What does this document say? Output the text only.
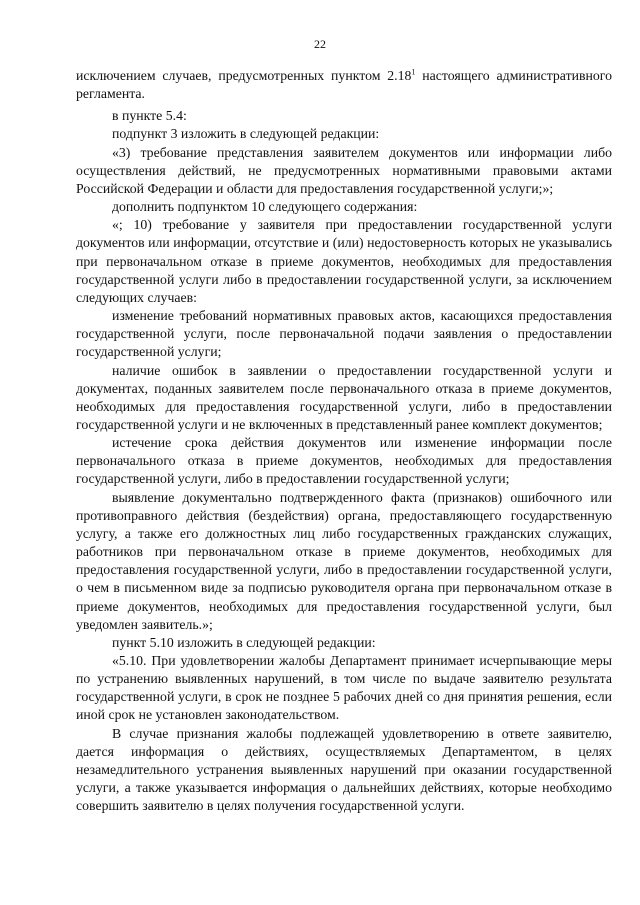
22

исключением случаев, предусмотренных пунктом 2.18$^1$ настоящего административного регламента.

в пункте 5.4:

подпункт 3 изложить в следующей редакции:

«3) требование представления заявителем документов или информации либо осуществления действий, не предусмотренных нормативными правовыми актами Российской Федерации и области для предоставления государственной услуги;»;

дополнить подпунктом 10 следующего содержания:

«; 10) требование у заявителя при предоставлении государственной услуги документов или информации, отсутствие и (или) недостоверность которых не указывались при первоначальном отказе в приеме документов, необходимых для предоставления государственной услуги либо в предоставлении государственной услуги, за исключением следующих случаев:

изменение требований нормативных правовых актов, касающихся предоставления государственной услуги, после первоначальной подачи заявления о предоставлении государственной услуги;

наличие ошибок в заявлении о предоставлении государственной услуги и документах, поданных заявителем после первоначального отказа в приеме документов, необходимых для предоставления государственной услуги, либо в предоставлении государственной услуги и не включенных в представленный ранее комплект документов;

истечение срока действия документов или изменение информации после первоначального отказа в приеме документов, необходимых для предоставления государственной услуги, либо в предоставлении государственной услуги;

выявление документально подтвержденного факта (признаков) ошибочного или противоправного действия (бездействия) органа, предоставляющего государственную услугу, а также его должностных лиц либо государственных гражданских служащих, работников при первоначальном отказе в приеме документов, необходимых для предоставления государственной услуги, либо в предоставлении государственной услуги, о чем в письменном виде за подписью руководителя органа при первоначальном отказе в приеме документов, необходимых для предоставления государственной услуги, был уведомлен заявитель.»;

пункт 5.10 изложить в следующей редакции:

«5.10. При удовлетворении жалобы Департамент принимает исчерпывающие меры по устранению выявленных нарушений, в том числе по выдаче заявителю результата государственной услуги, в срок не позднее 5 рабочих дней со дня принятия решения, если иной срок не установлен законодательством.

В случае признания жалобы подлежащей удовлетворению в ответе заявителю, дается информация о действиях, осуществляемых Департаментом, в целях незамедлительного устранения выявленных нарушений при оказании государственной услуги, а также указывается информация о дальнейших действиях, которые необходимо совершить заявителю в целях получения государственной услуги.
